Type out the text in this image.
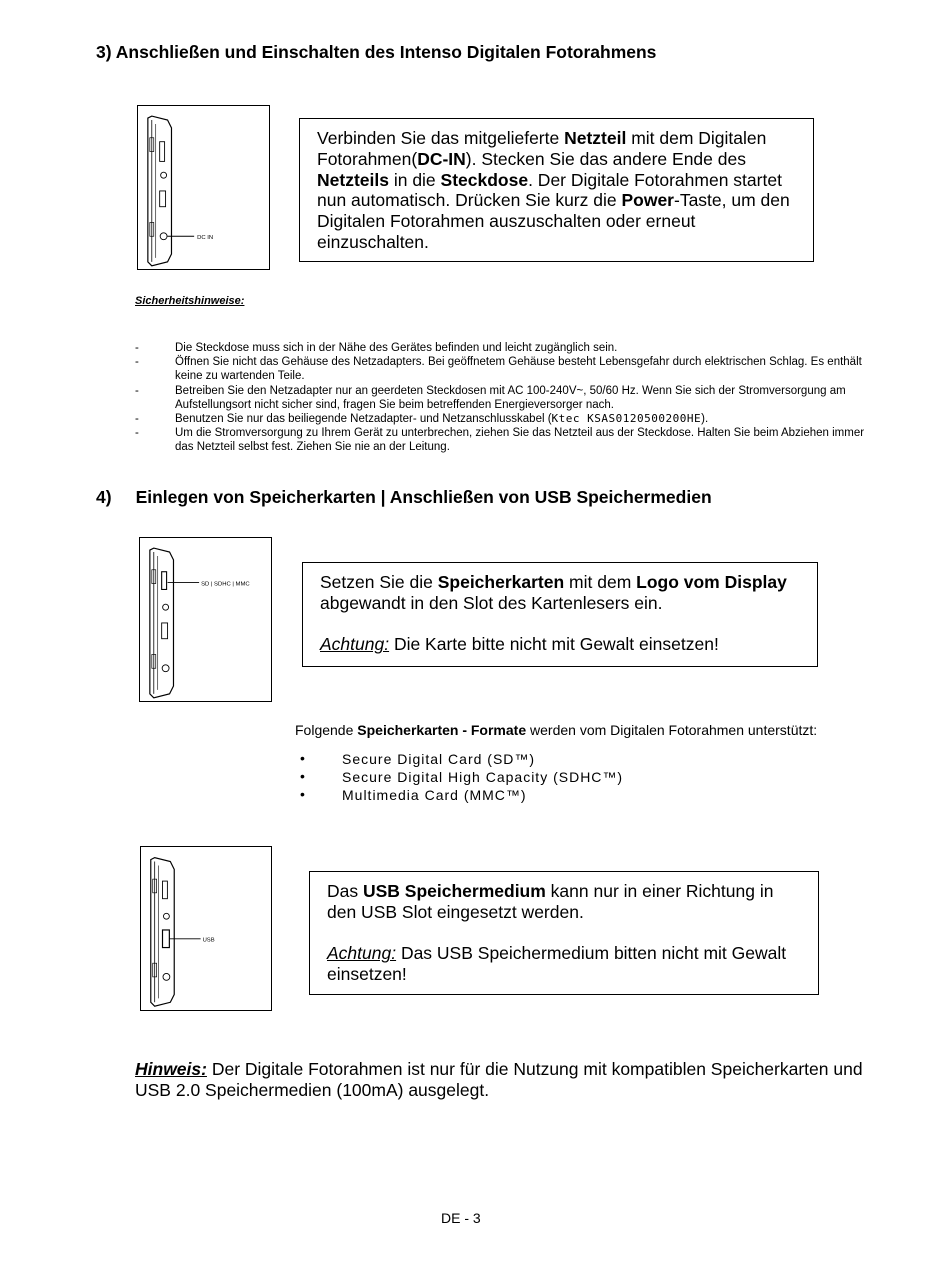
3) Anschließen und Einschalten des Intenso Digitalen Fotorahmens
DC IN

Verbinden Sie das mitgelieferte Netzteil mit dem Digitalen Fotorahmen(DC-IN). Stecken Sie das andere Ende des Netzteils in die Steckdose. Der Digitale Fotorahmen startet nun automatisch. Drücken Sie kurz die Power-Taste, um den Digitalen Fotorahmen auszuschalten oder erneut einzuschalten.

Sicherheitshinweise:
-	Die Steckdose muss sich in der Nähe des Gerätes befinden und leicht zugänglich sein.
-	Öffnen Sie nicht das Gehäuse des Netzadapters. Bei geöffnetem Gehäuse besteht Lebensgefahr durch elektrischen Schlag. Es enthält keine zu wartenden Teile.
-	Betreiben Sie den Netzadapter nur an geerdeten Steckdosen mit AC 100-240V~, 50/60 Hz. Wenn Sie sich der Stromversorgung am Aufstellungsort nicht sicher sind, fragen Sie beim betreffenden Energieversorger nach.
-	Benutzen Sie nur das beiliegende Netzadapter- und Netzanschlusskabel (Ktec KSAS0120500200HE).
-	Um die Stromversorgung zu Ihrem Gerät zu unterbrechen, ziehen Sie das Netzteil aus der Steckdose. Halten Sie beim Abziehen immer das Netzteil selbst fest. Ziehen Sie nie an der Leitung.
4) Einlegen von Speicherkarten | Anschließen von USB Speichermedien
SD | SDHC | MMC	Setzen Sie die Speicherkarten mit dem Logo vom Display abgewandt in den Slot des Kartenlesers ein.

Achtung: Die Karte bitte nicht mit Gewalt einsetzen!

Folgende Speicherkarten - Formate werden vom Digitalen Fotorahmen unterstützt:
•	Secure Digital Card (SD™)
•	Secure Digital High Capacity (SDHC™)
•	Multimedia Card (MMC™)
USB

Das USB Speichermedium kann nur in einer Richtung in den USB Slot eingesetzt werden.

Achtung: Das USB Speichermedium bitten nicht mit Gewalt einsetzen!

Hinweis: Der Digitale Fotorahmen ist nur für die Nutzung mit kompatiblen Speicherkarten und USB 2.0 Speichermedien (100mA) ausgelegt.
DE - 3
